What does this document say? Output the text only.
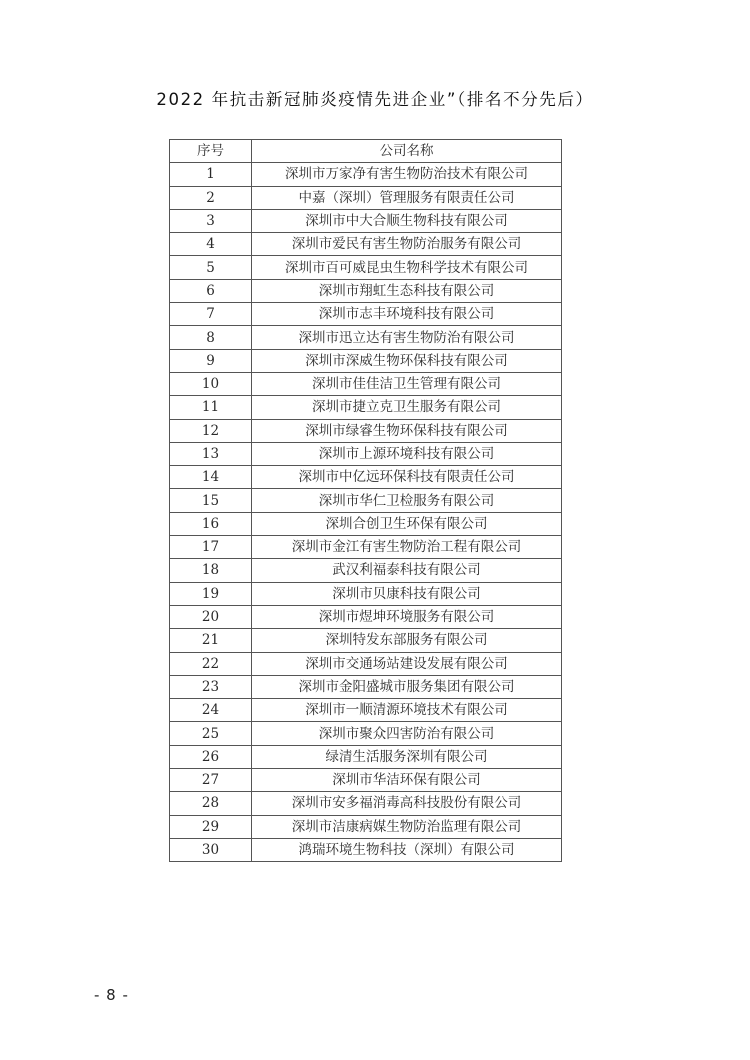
2022 年抗击新冠肺炎疫情先进企业”（排名不分先后）
序号	公司名称
1	深圳市万家净有害生物防治技术有限公司
2	中嘉（深圳）管理服务有限责任公司
3	深圳市中大合顺生物科技有限公司
4	深圳市爱民有害生物防治服务有限公司
5	深圳市百可威昆虫生物科学技术有限公司
6	深圳市翔虹生态科技有限公司
7	深圳市志丰环境科技有限公司
8	深圳市迅立达有害生物防治有限公司
9	深圳市深威生物环保科技有限公司
10	深圳市佳佳洁卫生管理有限公司
11	深圳市捷立克卫生服务有限公司
12	深圳市绿睿生物环保科技有限公司
13	深圳市上源环境科技有限公司
14	深圳市中亿远环保科技有限责任公司
15	深圳市华仁卫检服务有限公司
16	深圳合创卫生环保有限公司
17	深圳市金江有害生物防治工程有限公司
18	武汉利福泰科技有限公司
19	深圳市贝康科技有限公司
20	深圳市煜坤环境服务有限公司
21	深圳特发东部服务有限公司
22	深圳市交通场站建设发展有限公司
23	深圳市金阳盛城市服务集团有限公司
24	深圳市一顺清源环境技术有限公司
25	深圳市聚众四害防治有限公司
26	绿清生活服务深圳有限公司
27	深圳市华洁环保有限公司
28	深圳市安多福消毒高科技股份有限公司
29	深圳市洁康病媒生物防治监理有限公司
30	鸿瑞环境生物科技（深圳）有限公司
- 8 -
